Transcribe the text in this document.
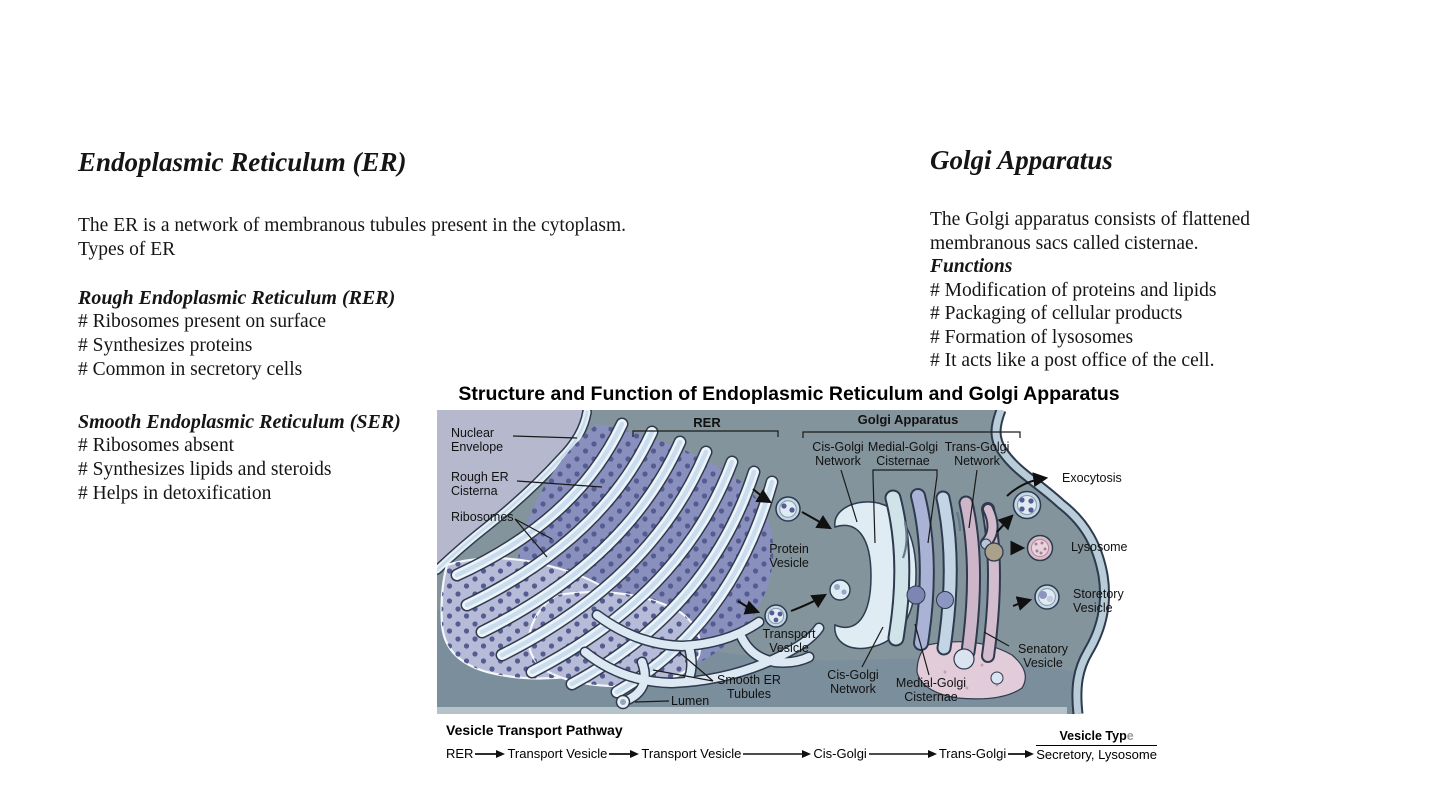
Endoplasmic Reticulum (ER)
The ER is a network of membranous tubules present in the cytoplasm.
Types of ER
Rough Endoplasmic Reticulum (RER)
# Ribosomes present on surface
# Synthesizes proteins
# Common in secretory cells
Smooth Endoplasmic Reticulum (SER)
# Ribosomes absent
# Synthesizes lipids and steroids
# Helps in detoxification
Golgi Apparatus
The Golgi apparatus consists of flattened
membranous sacs called cisternae.
Functions
# Modification of proteins and lipids
# Packaging of cellular products
# Formation of lysosomes
# It acts like a post office of the cell.
Structure and Function of Endoplasmic Reticulum and Golgi Apparatus
RER	Golgi Apparatus
Nuclear Envelope
Rough ER Cisterna
Ribosomes
Cis-Golgi Network
Medial-Golgi Cisternae
Trans-Golgi Network
Protein Vesicle
Transport Vesicle
Exocytosis
Lysosome
Storetory Vesicle
Senatory Vesicle
Smooth ER Tubules
Lumen
Cis-Golgi Network	Medial-Golgi Cisternae
Vesicle Transport Pathway
RER	Transport Vesicle	Transport Vesicle	Cis-Golgi	Trans-Golgi
Vesicle Type
Secretory, Lysosome
